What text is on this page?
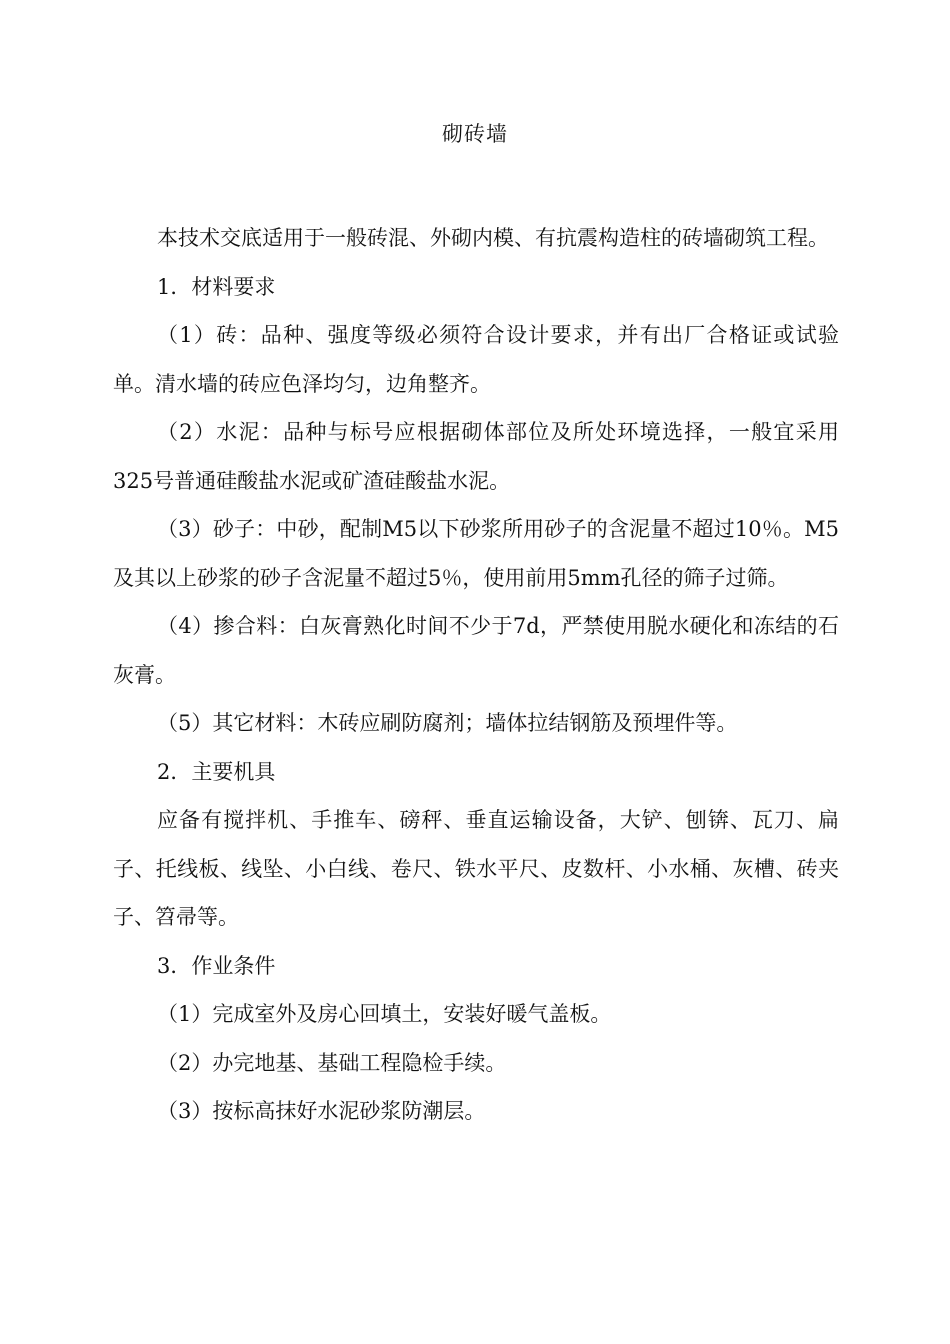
砌砖墙

本技术交底适用于一般砖混、外砌内模、有抗震构造柱的砖墙砌筑工程。

1．材料要求

（1）砖：品种、强度等级必须符合设计要求，并有出厂合格证或试验单。清水墙的砖应色泽均匀，边角整齐。

（2）水泥：品种与标号应根据砌体部位及所处环境选择，一般宜采用325号普通硅酸盐水泥或矿渣硅酸盐水泥。

（3）砂子：中砂，配制M5以下砂浆所用砂子的含泥量不超过10％。M5及其以上砂浆的砂子含泥量不超过5％，使用前用5mm孔径的筛子过筛。

（4）掺合料：白灰膏熟化时间不少于7d，严禁使用脱水硬化和冻结的石灰膏。

（5）其它材料：木砖应刷防腐剂；墙体拉结钢筋及预埋件等。

2．主要机具

应备有搅拌机、手推车、磅秤、垂直运输设备，大铲、刨锛、瓦刀、扁子、托线板、线坠、小白线、卷尺、铁水平尺、皮数杆、小水桶、灰槽、砖夹子、笤帚等。

3．作业条件

（1）完成室外及房心回填土，安装好暖气盖板。

（2）办完地基、基础工程隐检手续。

（3）按标高抹好水泥砂浆防潮层。
